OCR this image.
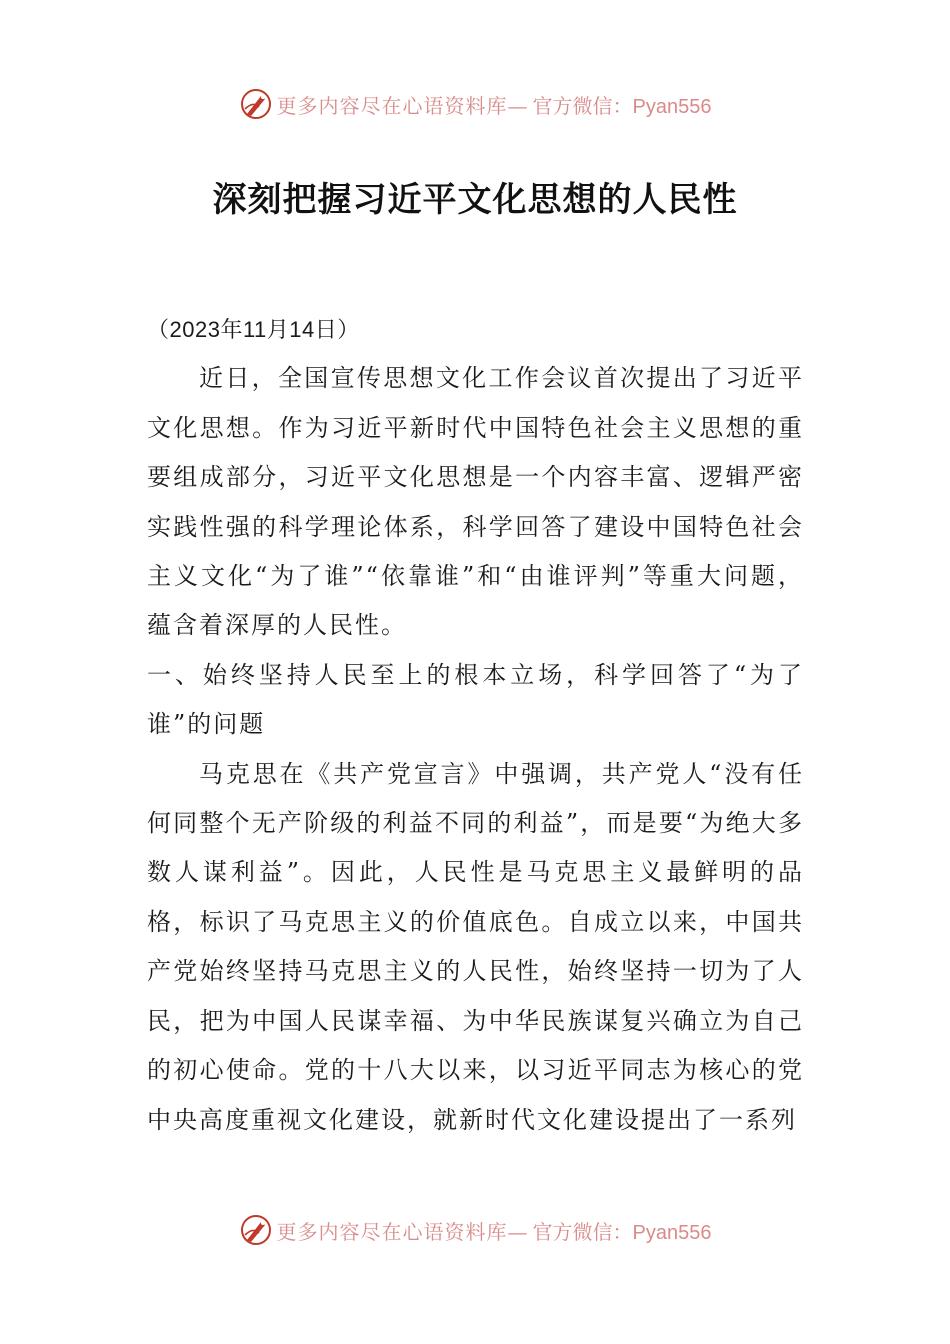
更多内容尽在心语资料库— 官方微信：Pyan556
深刻把握习近平文化思想的人民性

（2023年11月14日）

近日，全国宣传思想文化工作会议首次提出了习近平文化思想。作为习近平新时代中国特色社会主义思想的重要组成部分，习近平文化思想是一个内容丰富、逻辑严密实践性强的科学理论体系，科学回答了建设中国特色社会主义文化“为了谁”“依靠谁”和“由谁评判”等重大问题，蕴含着深厚的人民性。

一、始终坚持人民至上的根本立场，科学回答了“为了谁”的问题

马克思在《共产党宣言》中强调，共产党人“没有任何同整个无产阶级的利益不同的利益”，而是要“为绝大多数人谋利益”。因此，人民性是马克思主义最鲜明的品格，标识了马克思主义的价值底色。自成立以来，中国共产党始终坚持马克思主义的人民性，始终坚持一切为了人民，把为中国人民谋幸福、为中华民族谋复兴确立为自己的初心使命。党的十八大以来，以习近平同志为核心的党中央高度重视文化建设，就新时代文化建设提出了一系列

更多内容尽在心语资料库— 官方微信：Pyan556
